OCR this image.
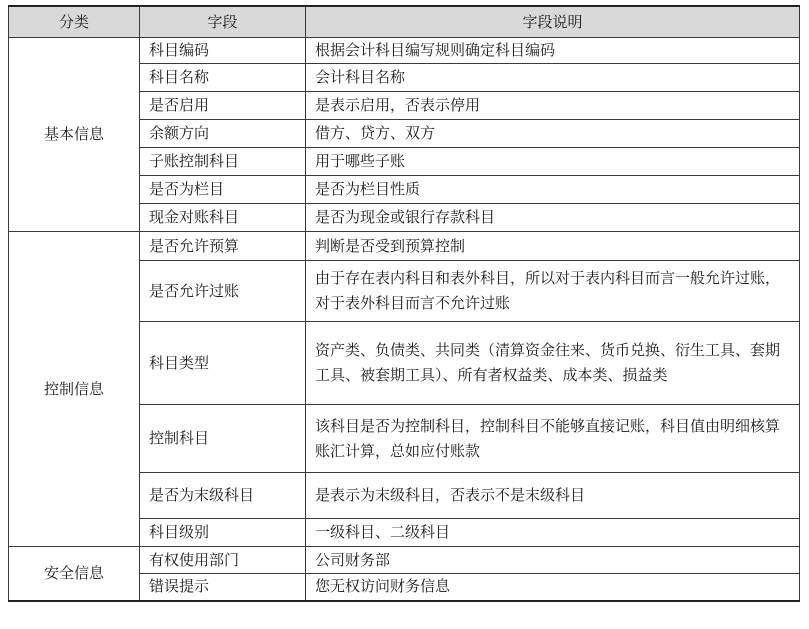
分类	字段	字段说明
基本信息	科目编码	根据会计科目编写规则确定科目编码
	科目名称	会计科目名称
	是否启用	是表示启用，否表示停用
	余额方向	借方、贷方、双方
	子账控制科目	用于哪些子账
	是否为栏目	是否为栏目性质
	现金对账科目	是否为现金或银行存款科目
控制信息	是否允许预算	判断是否受到预算控制
	是否允许过账	由于存在表内科目和表外科目，所以对于表内科目而言一般允许过账，对于表外科目而言不允许过账
	科目类型	资产类、负债类、共同类（清算资金往来、货币兑换、衍生工具、套期工具、被套期工具）、所有者权益类、成本类、损益类
	控制科目	该科目是否为控制科目，控制科目不能够直接记账，科目值由明细核算账汇计算，总如应付账款
	是否为末级科目	是表示为末级科目，否表示不是末级科目
	科目级别	一级科目、二级科目
安全信息	有权使用部门	公司财务部
	错误提示	您无权访问财务信息
